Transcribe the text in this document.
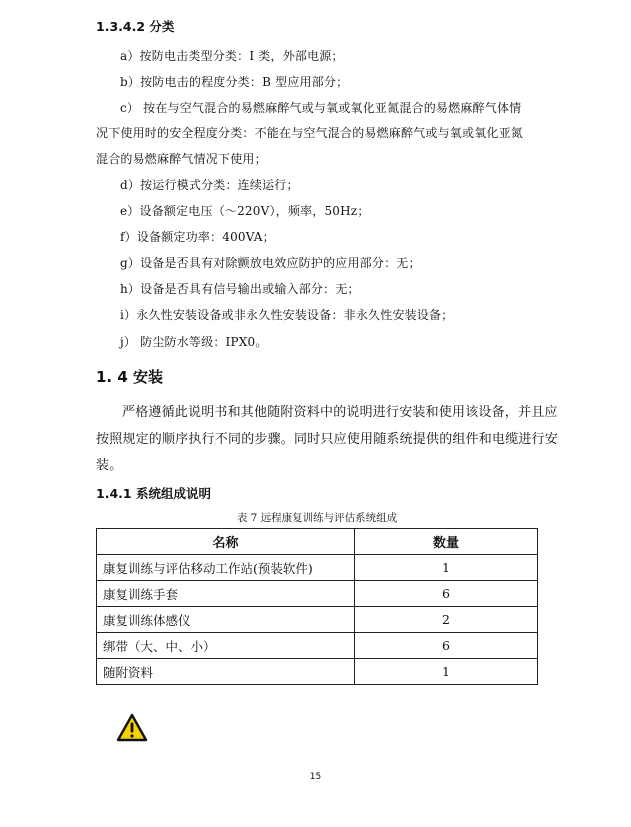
1.3.4.2 分类
a）按防电击类型分类：I 类，外部电源；
b）按防电击的程度分类：B 型应用部分；
c） 按在与空气混合的易燃麻醉气或与氧或氧化亚氮混合的易燃麻醉气体情
况下使用时的安全程度分类：不能在与空气混合的易燃麻醉气或与氧或氧化亚氮
混合的易燃麻醉气情况下使用；
d）按运行模式分类：连续运行；
e）设备额定电压（～220V），频率，50Hz；
f）设备额定功率：400VA；
g）设备是否具有对除颤放电效应防护的应用部分：无；
h）设备是否具有信号输出或输入部分：无；
i）永久性安装设备或非永久性安装设备：非永久性安装设备；
j） 防尘防水等级：IPX0。
1. 4 安装
严格遵循此说明书和其他随附资料中的说明进行安装和使用该设备，并且应
按照规定的顺序执行不同的步骤。同时只应使用随系统提供的组件和电缆进行安
装。
1.4.1 系统组成说明
表 7 远程康复训练与评估系统组成
名称	数量
康复训练与评估移动工作站(预装软件)	1
康复训练手套	6
康复训练体感仪	2
绑带（大、中、小）	6
随附资料	1
15
